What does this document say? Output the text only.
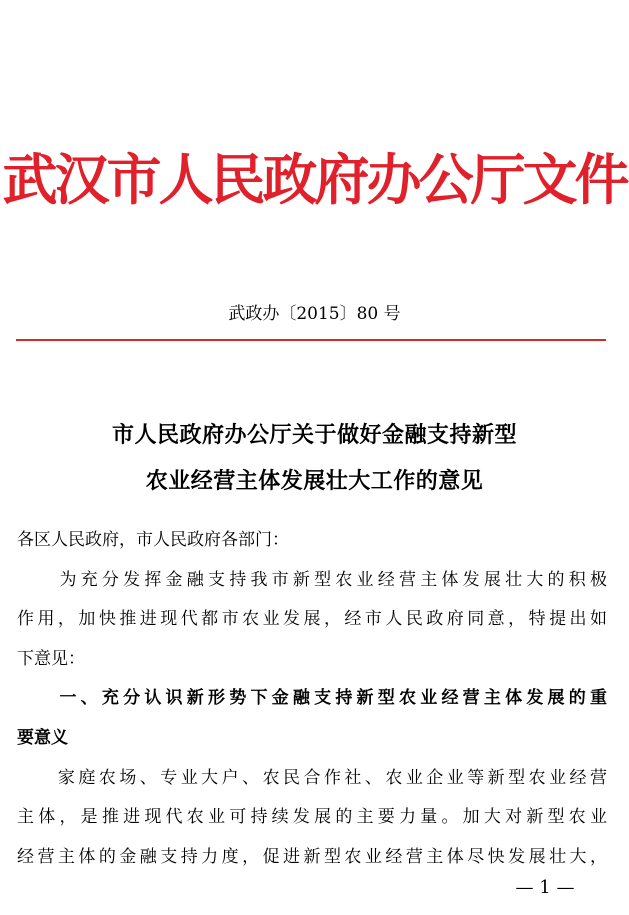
武汉市人民政府办公厅文件
武政办〔2015〕80 号
市人民政府办公厅关于做好金融支持新型
农业经营主体发展壮大工作的意见
各区人民政府，市人民政府各部门：
　　为充分发挥金融支持我市新型农业经营主体发展壮大的积极
作用，加快推进现代都市农业发展，经市人民政府同意，特提出如
下意见：
　　一、充分认识新形势下金融支持新型农业经营主体发展的重
要意义
　　家庭农场、专业大户、农民合作社、农业企业等新型农业经营
主体，是推进现代农业可持续发展的主要力量。加大对新型农业
经营主体的金融支持力度，促进新型农业经营主体尽快发展壮大，
— 1 —
